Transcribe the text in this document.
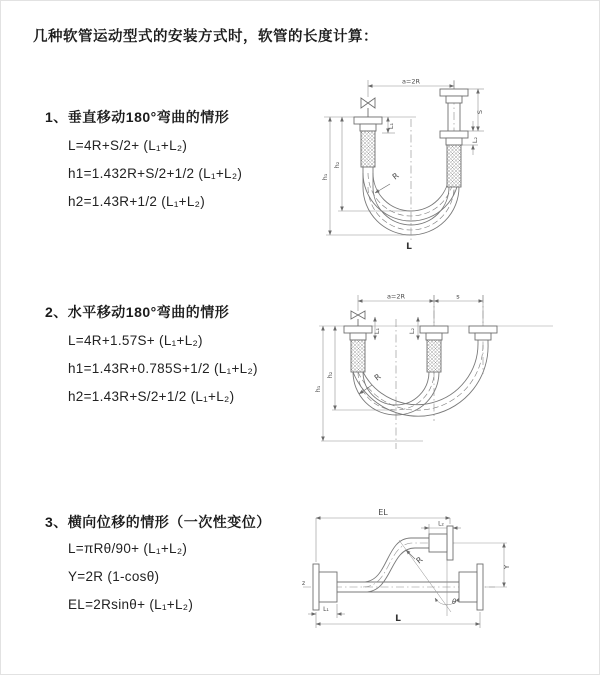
几种软管运动型式的安装方式时，软管的长度计算：
1、垂直移动180°弯曲的情形
L=4R+S/2+ (L₁+L₂)
h1=1.432R+S/2+1/2 (L₁+L₂)
h2=1.43R+1/2 (L₁+L₂)
2、水平移动180°弯曲的情形
L=4R+1.57S+ (L₁+L₂)
h1=1.43R+0.785S+1/2 (L₁+L₂)
h2=1.43R+S/2+1/2 (L₁+L₂)
3、横向位移的情形（一次性变位）
L=πRθ/90+ (L₁+L₂)
Y=2R (1-cosθ)
EL=2Rsinθ+ (L₁+L₂)
a=2R
h₁
h₂
L₁
S
L₂
R
L
a=2R	s
h₁
h₂
L₁	L₂
R
EL
L₂
Y
L
L₁
z
θ
R
